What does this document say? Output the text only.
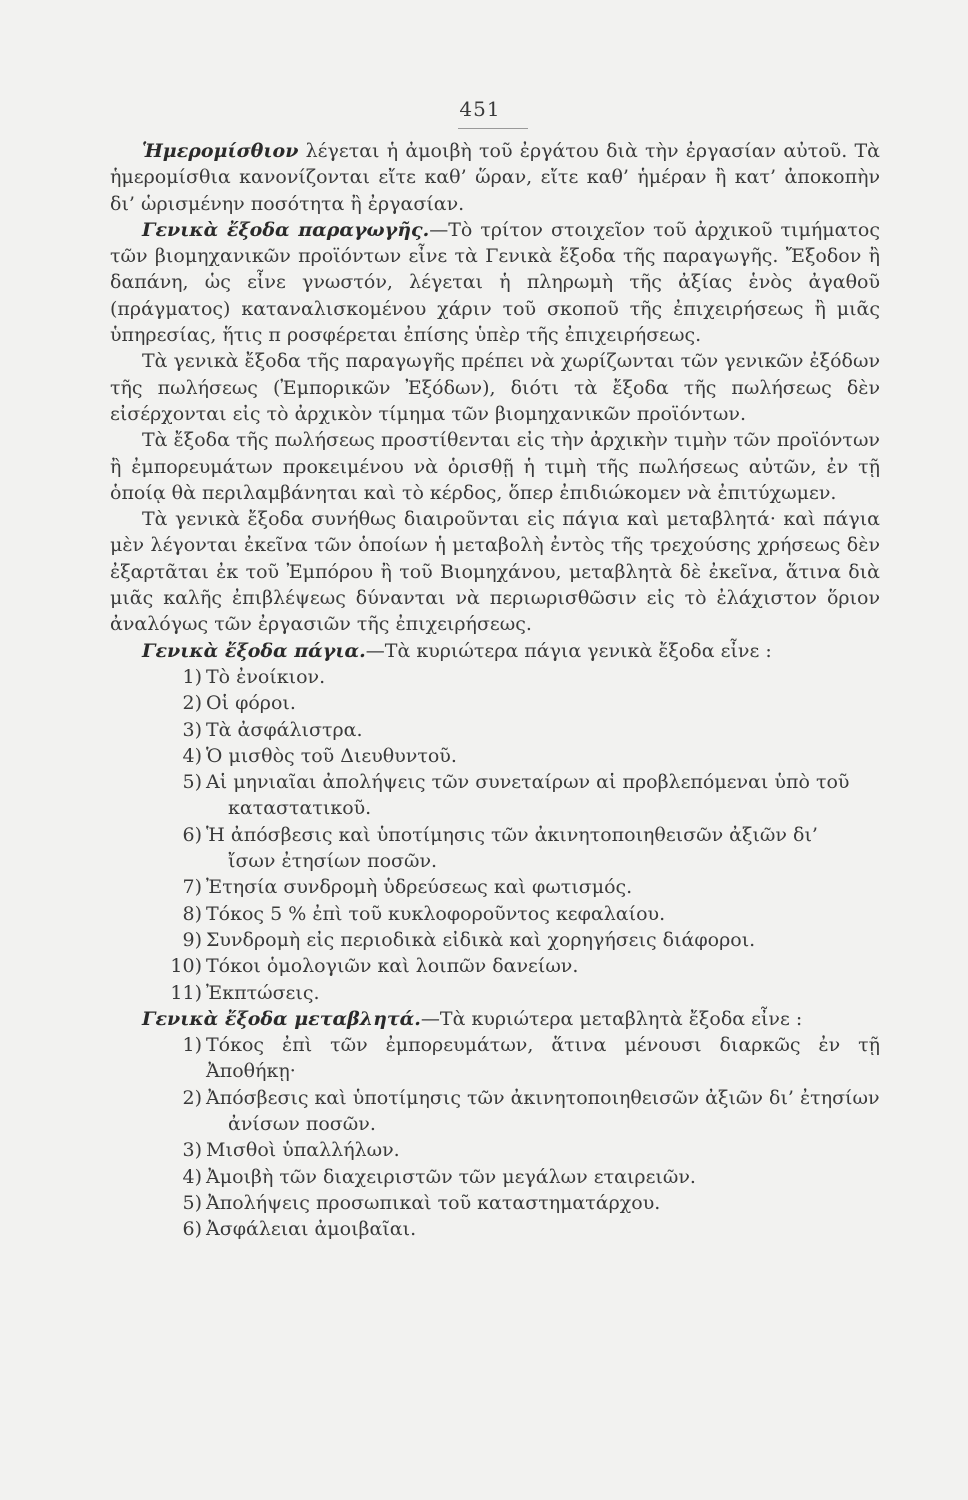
451

Ἡμερομίσθιον λέγεται ἡ ἀμοιβὴ τοῦ ἐργάτου διὰ τὴν ἐργασίαν αὐτοῦ. Τὰ ἡμερομίσθια κανονίζονται εἴτε καθ’ ὥραν, εἴτε καθ’ ἡμέραν ἢ κατ’ ἀποκοπὴν δι’ ὡρισμένην ποσότητα ἢ ἐργασίαν.

Γενικὰ ἔξοδα παραγωγῆς.—Τὸ τρίτον στοιχεῖον τοῦ ἀρχικοῦ τιμήματος τῶν βιομηχανικῶν προϊόντων εἶνε τὰ Γενικὰ ἔξοδα τῆς παραγωγῆς. Ἔξοδον ἢ δαπάνη, ὡς εἶνε γνωστόν, λέγεται ἡ πληρωμὴ τῆς ἀξίας ἑνὸς ἀγαθοῦ (πράγματος) καταναλισκομένου χάριν τοῦ σκοποῦ τῆς ἐπιχειρήσεως ἢ μιᾶς ὑπηρεσίας, ἥτις π ροσφέρεται ἐπίσης ὑπὲρ τῆς ἐπιχειρήσεως.

Τὰ γενικὰ ἔξοδα τῆς παραγωγῆς πρέπει νὰ χωρίζωνται τῶν γενικῶν ἐξόδων τῆς πωλήσεως (Ἐμπορικῶν Ἐξόδων), διότι τὰ ἔξοδα τῆς πωλήσεως δὲν εἰσέρχονται εἰς τὸ ἀρχικὸν τίμημα τῶν βιομηχανικῶν προϊόντων.

Τὰ ἔξοδα τῆς πωλήσεως προστίθενται εἰς τὴν ἀρχικὴν τιμὴν τῶν προϊόντων ἢ ἐμπορευμάτων προκειμένου νὰ ὁρισθῇ ἡ τιμὴ τῆς πωλήσεως αὐτῶν, ἐν τῇ ὁποίᾳ θὰ περιλαμβάνηται καὶ τὸ κέρδος, ὅπερ ἐπιδιώκομεν νὰ ἐπιτύχωμεν.

Τὰ γενικὰ ἔξοδα συνήθως διαιροῦνται εἰς πάγια καὶ μεταβλητά· καὶ πάγια μὲν λέγονται ἐκεῖνα τῶν ὁποίων ἡ μεταβολὴ ἐντὸς τῆς τρεχούσης χρήσεως δὲν ἐξαρτᾶται ἐκ τοῦ Ἐμπόρου ἢ τοῦ Βιομηχάνου, μεταβλητὰ δὲ ἐκεῖνα, ἅτινα διὰ μιᾶς καλῆς ἐπιβλέψεως δύνανται νὰ περιωρισθῶσιν εἰς τὸ ἐλάχιστον ὅριον ἀναλόγως τῶν ἐργασιῶν τῆς ἐπιχειρήσεως.

Γενικὰ ἔξοδα πάγια.—Τὰ κυριώτερα πάγια γενικὰ ἔξοδα εἶνε :

1) Τὸ ἐνοίκιον.
2) Οἱ φόροι.
3) Τὰ ἀσφάλιστρα.
4) Ὁ μισθὸς τοῦ Διευθυντοῦ.
5) Αἱ μηνιαῖαι ἀπολήψεις τῶν συνεταίρων αἱ προβλεπόμεναι ὑπὸ τοῦ
καταστατικοῦ.
6) Ἡ ἀπόσβεσις καὶ ὑποτίμησις τῶν ἀκινητοποιηθεισῶν ἀξιῶν δι’
ἴσων ἐτησίων ποσῶν.
7) Ἐτησία συνδρομὴ ὑδρεύσεως καὶ φωτισμός.
8) Τόκος 5 % ἐπὶ τοῦ κυκλοφοροῦντος κεφαλαίου.
9) Συνδρομὴ εἰς περιοδικὰ εἰδικὰ καὶ χορηγήσεις διάφοροι.
10) Τόκοι ὁμολογιῶν καὶ λοιπῶν δανείων.
11) Ἐκπτώσεις.

Γενικὰ ἔξοδα μεταβλητά.—Τὰ κυριώτερα μεταβλητὰ ἔξοδα εἶνε :

1) Τόκος ἐπὶ τῶν ἐμπορευμάτων, ἅτινα μένουσι διαρκῶς ἐν τῇ Ἀποθήκῃ·
2) Ἀπόσβεσις καὶ ὑποτίμησις τῶν ἀκινητοποιηθεισῶν ἀξιῶν δι’ ἐτησίων
ἀνίσων ποσῶν.
3) Μισθοὶ ὑπαλλήλων.
4) Ἀμοιβὴ τῶν διαχειριστῶν τῶν μεγάλων εταιρειῶν.
5) Ἀπολήψεις προσωπικαὶ τοῦ καταστηματάρχου.
6) Ἀσφάλειαι ἀμοιβαῖαι.
